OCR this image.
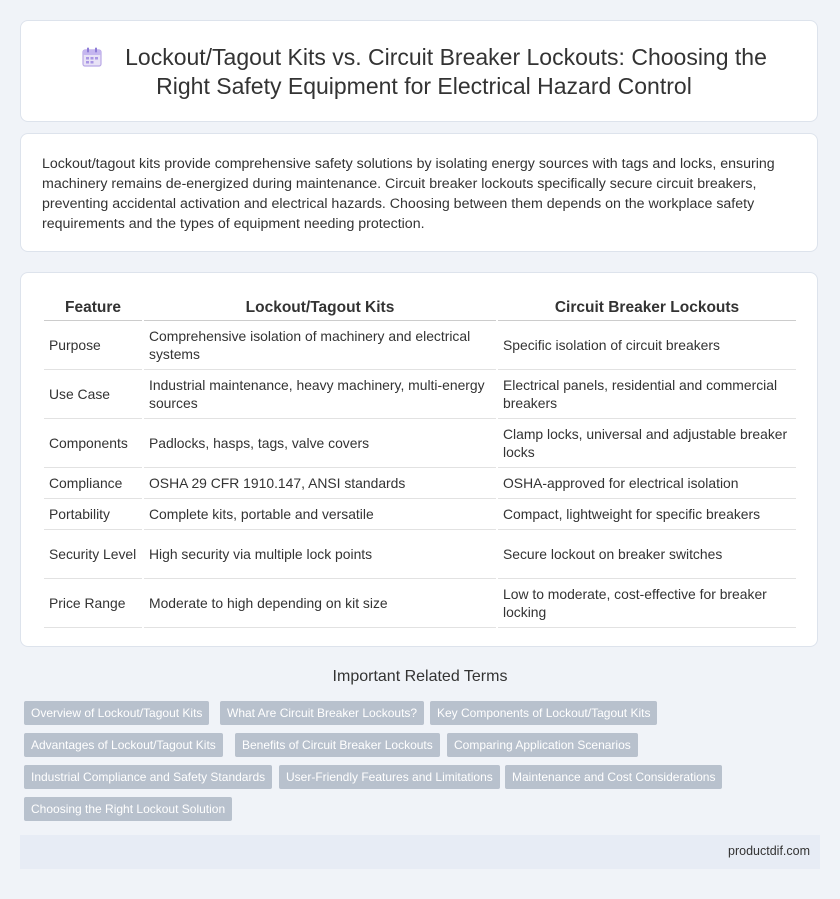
Lockout/Tagout Kits vs. Circuit Breaker Lockouts: Choosing the
Right Safety Equipment for Electrical Hazard Control

Lockout/tagout kits provide comprehensive safety solutions by isolating energy sources with tags and locks, ensuring machinery remains de-energized during maintenance. Circuit breaker lockouts specifically secure circuit breakers, preventing accidental activation and electrical hazards. Choosing between them depends on the workplace safety requirements and the types of equipment needing protection.

Feature	Lockout/Tagout Kits	Circuit Breaker Lockouts
Purpose	Comprehensive isolation of machinery and electrical systems	Specific isolation of circuit breakers
Use Case	Industrial maintenance, heavy machinery, multi-energy sources	Electrical panels, residential and commercial breakers
Components	Padlocks, hasps, tags, valve covers	Clamp locks, universal and adjustable breaker locks
Compliance	OSHA 29 CFR 1910.147, ANSI standards	OSHA-approved for electrical isolation
Portability	Complete kits, portable and versatile	Compact, lightweight for specific breakers
Security Level	High security via multiple lock points	Secure lockout on breaker switches
Price Range	Moderate to high depending on kit size	Low to moderate, cost-effective for breaker locking
Important Related Terms
Overview of Lockout/Tagout Kits	What Are Circuit Breaker Lockouts?	Key Components of Lockout/Tagout Kits
Advantages of Lockout/Tagout Kits	Benefits of Circuit Breaker Lockouts	Comparing Application Scenarios
Industrial Compliance and Safety Standards	User-Friendly Features and Limitations	Maintenance and Cost Considerations
Choosing the Right Lockout Solution
productdif.com
